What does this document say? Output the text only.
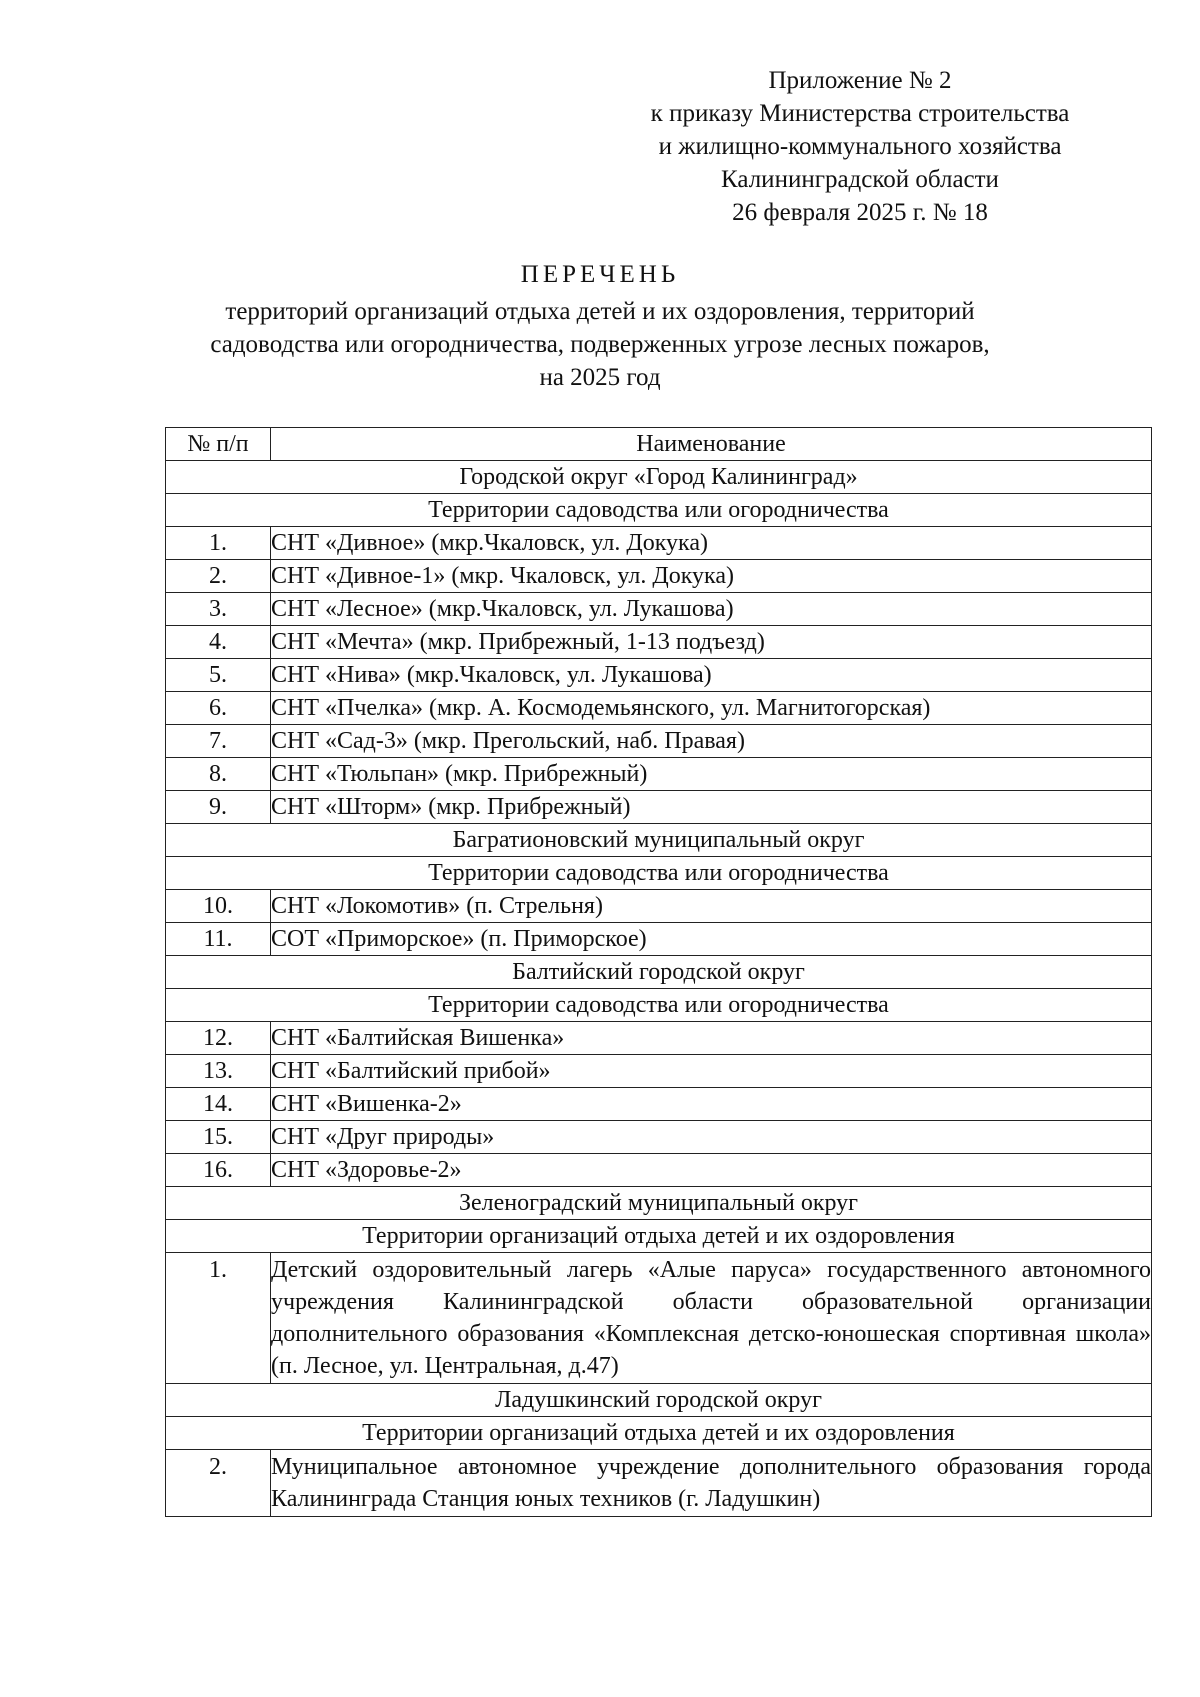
Приложение № 2
к приказу Министерства строительства
и жилищно-коммунального хозяйства
Калининградской области
26 февраля 2025 г. № 18
ПЕРЕЧЕНЬ
территорий организаций отдыха детей и их оздоровления, территорий
садоводства или огородничества, подверженных угрозе лесных пожаров,
на 2025 год
№ п/п	Наименование
Городской округ «Город Калининград»	
Территории садоводства или огородничества	
1.	СНТ «Дивное» (мкр.Чкаловск, ул. Докука)
2.	СНТ «Дивное-1» (мкр. Чкаловск, ул. Докука)
3.	СНТ «Лесное» (мкр.Чкаловск, ул. Лукашова)
4.	СНТ «Мечта» (мкр. Прибрежный, 1-13 подъезд)
5.	СНТ «Нива» (мкр.Чкаловск, ул. Лукашова)
6.	СНТ «Пчелка» (мкр. А. Космодемьянского, ул. Магнитогорская)
7.	СНТ «Сад-3» (мкр. Прегольский, наб. Правая)
8.	СНТ «Тюльпан» (мкр. Прибрежный)
9.	СНТ «Шторм» (мкр. Прибрежный)
Багратионовский муниципальный округ	
Территории садоводства или огородничества	
10.	СНТ «Локомотив» (п. Стрельня)
11.	СОТ «Приморское» (п. Приморское)
Балтийский городской округ	
Территории садоводства или огородничества	
12.	СНТ «Балтийская Вишенка»
13.	СНТ «Балтийский прибой»
14.	СНТ «Вишенка-2»
15.	СНТ «Друг природы»
16.	СНТ «Здоровье-2»
Зеленоградский муниципальный округ	
Территории организаций отдыха детей и их оздоровления	
1.	Детский оздоровительный лагерь «Алые паруса» государственного автономного учреждения Калининградской области образовательной организации дополнительного образования «Комплексная детско-юношеская спортивная школа» (п. Лесное, ул. Центральная, д.47)
Ладушкинский городской округ	
Территории организаций отдыха детей и их оздоровления	
2.	Муниципальное автономное учреждение дополнительного образования города Калининграда Станция юных техников (г. Ладушкин)
